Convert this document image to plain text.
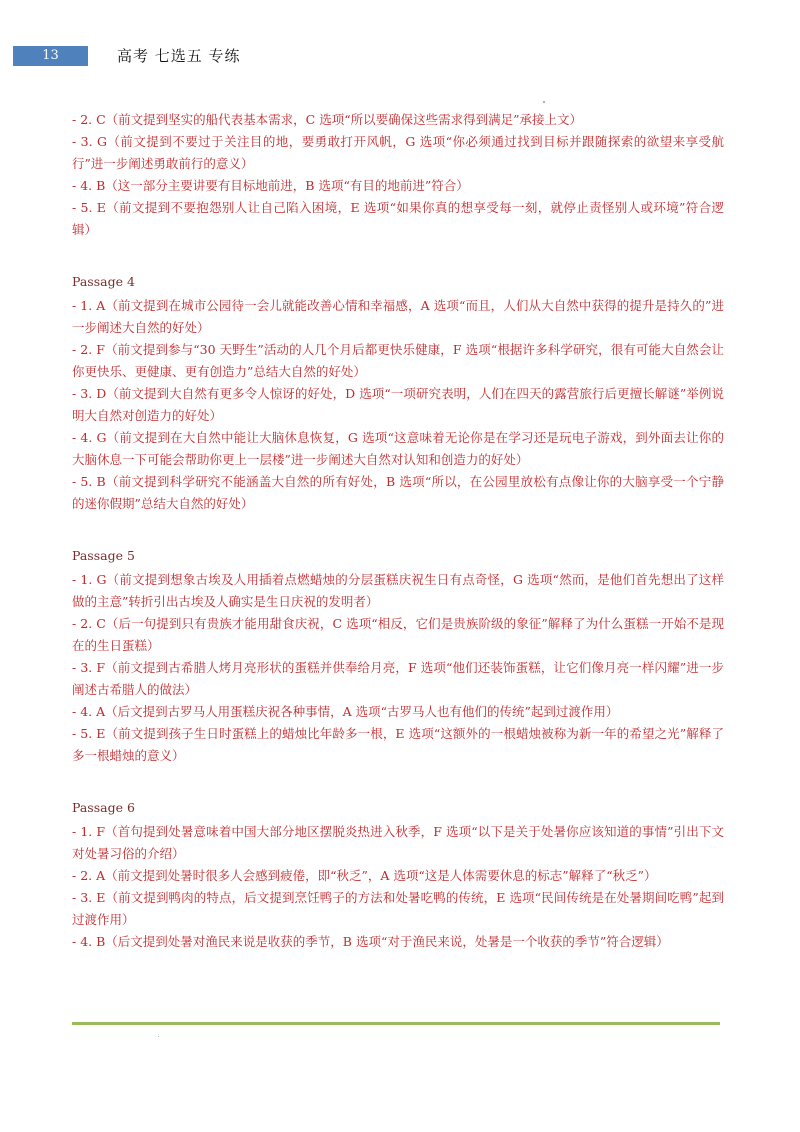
13	高考 七选五 专练

- 2. C（前文提到坚实的船代表基本需求，C 选项“所以要确保这些需求得到满足”承接上文）

- 3. G（前文提到不要过于关注目的地，要勇敢打开风帆，G 选项“你必须通过找到目标并跟随探索的欲望来享受航行”进一步阐述勇敢前行的意义）

- 4. B（这一部分主要讲要有目标地前进，B 选项“有目的地前进”符合）

- 5. E（前文提到不要抱怨别人让自己陷入困境，E 选项“如果你真的想享受每一刻，就停止责怪别人或环境”符合逻辑）

Passage 4

- 1. A（前文提到在城市公园待一会儿就能改善心情和幸福感，A 选项“而且，人们从大自然中获得的提升是持久的”进一步阐述大自然的好处）

- 2. F（前文提到参与“30 天野生”活动的人几个月后都更快乐健康，F 选项“根据许多科学研究，很有可能大自然会让你更快乐、更健康、更有创造力”总结大自然的好处）

- 3. D（前文提到大自然有更多令人惊讶的好处，D 选项“一项研究表明，人们在四天的露营旅行后更擅长解谜”举例说明大自然对创造力的好处）

- 4. G（前文提到在大自然中能让大脑休息恢复，G 选项“这意味着无论你是在学习还是玩电子游戏，到外面去让你的大脑休息一下可能会帮助你更上一层楼”进一步阐述大自然对认知和创造力的好处）

- 5. B（前文提到科学研究不能涵盖大自然的所有好处，B 选项“所以，在公园里放松有点像让你的大脑享受一个宁静的迷你假期”总结大自然的好处）

Passage 5

- 1. G（前文提到想象古埃及人用插着点燃蜡烛的分层蛋糕庆祝生日有点奇怪，G 选项“然而，是他们首先想出了这样做的主意”转折引出古埃及人确实是生日庆祝的发明者）

- 2. C（后一句提到只有贵族才能用甜食庆祝，C 选项“相反，它们是贵族阶级的象征”解释了为什么蛋糕一开始不是现在的生日蛋糕）

- 3. F（前文提到古希腊人烤月亮形状的蛋糕并供奉给月亮，F 选项“他们还装饰蛋糕，让它们像月亮一样闪耀”进一步阐述古希腊人的做法）

- 4. A（后文提到古罗马人用蛋糕庆祝各种事情，A 选项“古罗马人也有他们的传统”起到过渡作用）

- 5. E（前文提到孩子生日时蛋糕上的蜡烛比年龄多一根，E 选项“这额外的一根蜡烛被称为新一年的希望之光”解释了多一根蜡烛的意义）

Passage 6

- 1. F（首句提到处暑意味着中国大部分地区摆脱炎热进入秋季，F 选项“以下是关于处暑你应该知道的事情”引出下文对处暑习俗的介绍）

- 2. A（前文提到处暑时很多人会感到疲倦，即“秋乏”，A 选项“这是人体需要休息的标志”解释了“秋乏”）

- 3. E（前文提到鸭肉的特点，后文提到烹饪鸭子的方法和处暑吃鸭的传统，E 选项“民间传统是在处暑期间吃鸭”起到过渡作用）

- 4. B（后文提到处暑对渔民来说是收获的季节，B 选项“对于渔民来说，处暑是一个收获的季节”符合逻辑）
